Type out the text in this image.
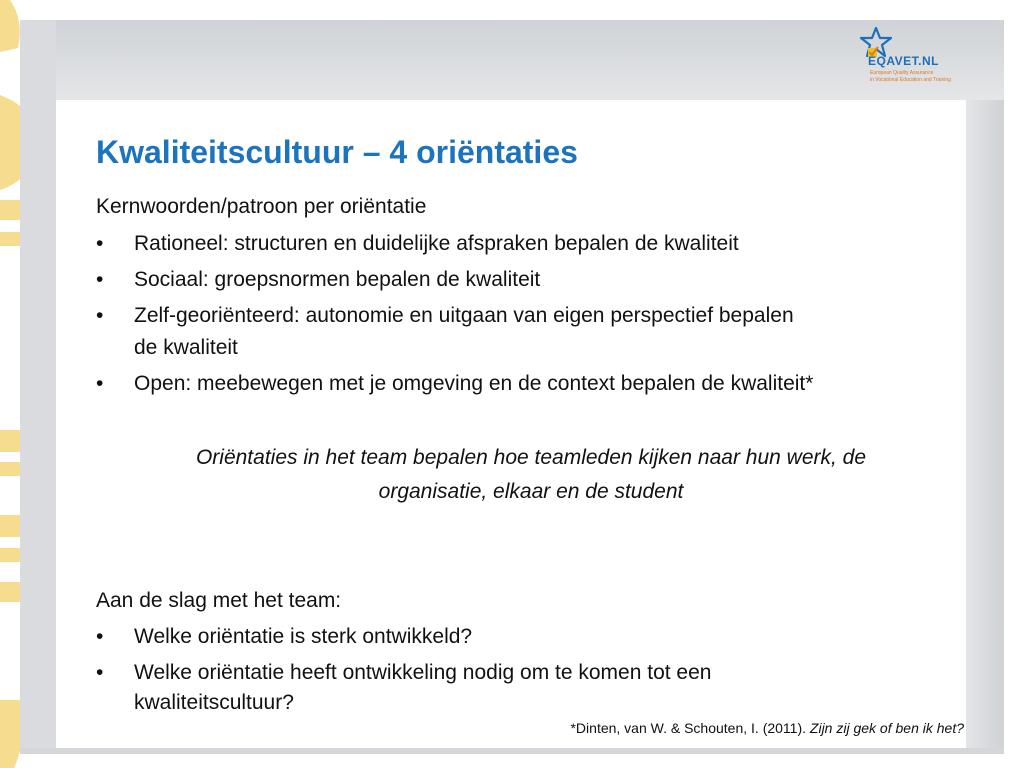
EQAVET.NL
European Quality Assurance
in Vocational Education and Training
Kwaliteitscultuur – 4 oriëntaties
Kernwoorden/patroon per oriëntatie
• Rationeel: structuren en duidelijke afspraken bepalen de kwaliteit
• Sociaal: groepsnormen bepalen de kwaliteit
• Zelf-georiënteerd: autonomie en uitgaan van eigen perspectief bepalen
de kwaliteit
• Open: meebewegen met je omgeving en de context bepalen de kwaliteit*
Oriëntaties in het team bepalen hoe teamleden kijken naar hun werk, de
organisatie, elkaar en de student
Aan de slag met het team:
• Welke oriëntatie is sterk ontwikkeld?
• Welke oriëntatie heeft ontwikkeling nodig om te komen tot een
kwaliteitscultuur?
*Dinten, van W. & Schouten, I. (2011). Zijn zij gek of ben ik het?
